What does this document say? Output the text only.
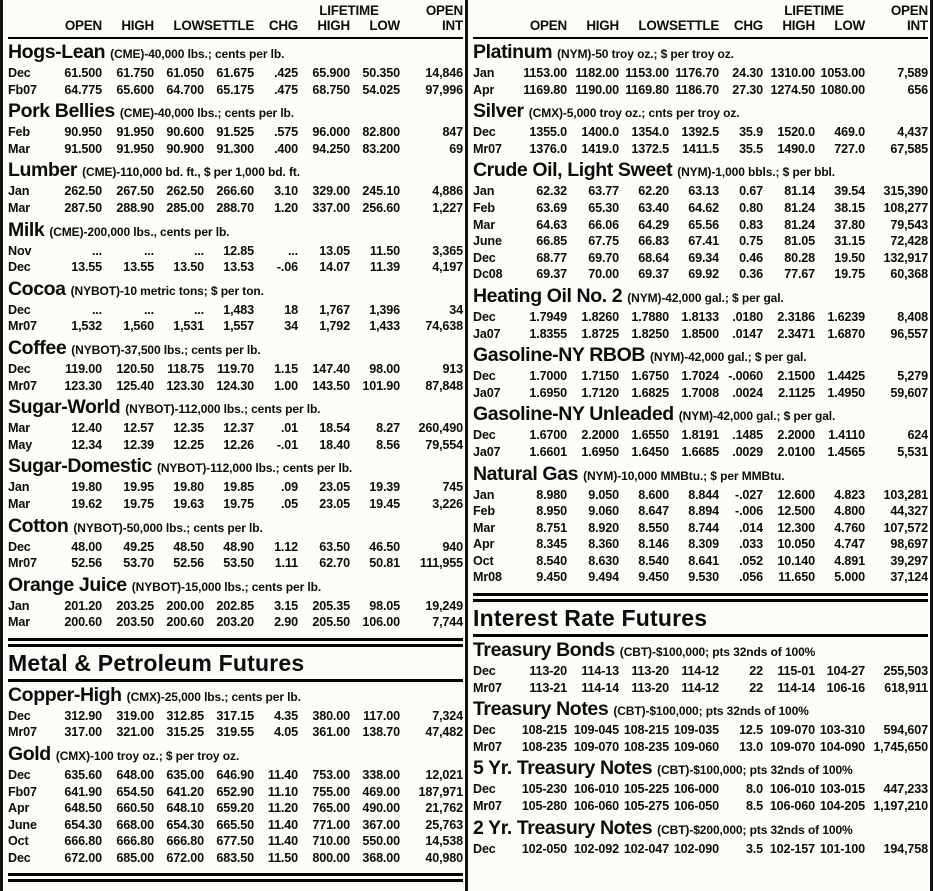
						LIFETIME		OPEN
	OPEN	HIGH	LOW	SETTLE	CHG	HIGH	LOW	INT
Hogs-Lean (CME)-40,000 lbs.; cents per lb.
Dec	61.500	61.750	61.050	61.675	.425	65.900	50.350	14,846
Fb07	64.775	65.600	64.700	65.175	.475	68.750	54.025	97,996
Pork Bellies (CME)-40,000 lbs.; cents per lb.
Feb	90.950	91.950	90.600	91.525	.575	96.000	82.800	847
Mar	91.500	91.950	90.900	91.300	.400	94.250	83.200	69
Lumber (CME)-110,000 bd. ft., $ per 1,000 bd. ft.
Jan	262.50	267.50	262.50	266.60	3.10	329.00	245.10	4,886
Mar	287.50	288.90	285.00	288.70	1.20	337.00	256.60	1,227
Milk (CME)-200,000 lbs., cents per lb.
Nov	...	...	...	12.85	...	13.05	11.50	3,365
Dec	13.55	13.55	13.50	13.53	-.06	14.07	11.39	4,197
Cocoa (NYBOT)-10 metric tons; $ per ton.
Dec	...	...	...	1,483	18	1,767	1,396	34
Mr07	1,532	1,560	1,531	1,557	34	1,792	1,433	74,638
Coffee (NYBOT)-37,500 lbs.; cents per lb.
Dec	119.00	120.50	118.75	119.70	1.15	147.40	98.00	913
Mr07	123.30	125.40	123.30	124.30	1.00	143.50	101.90	87,848
Sugar-World (NYBOT)-112,000 lbs.; cents per lb.
Mar	12.40	12.57	12.35	12.37	.01	18.54	8.27	260,490
May	12.34	12.39	12.25	12.26	-.01	18.40	8.56	79,554
Sugar-Domestic (NYBOT)-112,000 lbs.; cents per lb.
Jan	19.80	19.95	19.80	19.85	.09	23.05	19.39	745
Mar	19.62	19.75	19.63	19.75	.05	23.05	19.45	3,226
Cotton (NYBOT)-50,000 lbs.; cents per lb.
Dec	48.00	49.25	48.50	48.90	1.12	63.50	46.50	940
Mr07	52.56	53.70	52.56	53.50	1.11	62.70	50.81	111,955
Orange Juice (NYBOT)-15,000 lbs.; cents per lb.
Jan	201.20	203.25	200.00	202.85	3.15	205.35	98.05	19,249
Mar	200.60	203.50	200.60	203.20	2.90	205.50	106.00	7,744
Metal & Petroleum Futures
Copper-High (CMX)-25,000 lbs.; cents per lb.
Dec	312.90	319.00	312.85	317.15	4.35	380.00	117.00	7,324
Mr07	317.00	321.00	315.25	319.55	4.05	361.00	138.70	47,482
Gold (CMX)-100 troy oz.; $ per troy oz.
Dec	635.60	648.00	635.00	646.90	11.40	753.00	338.00	12,021
Fb07	641.90	654.50	641.20	652.90	11.10	755.00	469.00	187,971
Apr	648.50	660.50	648.10	659.20	11.20	765.00	490.00	21,762
June	654.30	668.00	654.30	665.50	11.40	771.00	367.00	25,763
Oct	666.80	666.80	666.80	677.50	11.40	710.00	550.00	14,538
Dec	672.00	685.00	672.00	683.50	11.50	800.00	368.00	40,980
						LIFETIME		OPEN
	OPEN	HIGH	LOW	SETTLE	CHG	HIGH	LOW	INT
Platinum (NYM)-50 troy oz.; $ per troy oz.
Jan	1153.00	1182.00	1153.00	1176.70	24.30	1310.00	1053.00	7,589
Apr	1169.80	1190.00	1169.80	1186.70	27.30	1274.50	1080.00	656
Silver (CMX)-5,000 troy oz.; cnts per troy oz.
Dec	1355.0	1400.0	1354.0	1392.5	35.9	1520.0	469.0	4,437
Mr07	1376.0	1419.0	1372.5	1411.5	35.5	1490.0	727.0	67,585
Crude Oil, Light Sweet (NYM)-1,000 bbls.; $ per bbl.
Jan	62.32	63.77	62.20	63.13	0.67	81.14	39.54	315,390
Feb	63.69	65.30	63.40	64.62	0.80	81.24	38.15	108,277
Mar	64.63	66.06	64.29	65.56	0.83	81.24	37.80	79,543
June	66.85	67.75	66.83	67.41	0.75	81.05	31.15	72,428
Dec	68.77	69.70	68.64	69.34	0.46	80.28	19.50	132,917
Dc08	69.37	70.00	69.37	69.92	0.36	77.67	19.75	60,368
Heating Oil No. 2 (NYM)-42,000 gal.; $ per gal.
Dec	1.7949	1.8260	1.7880	1.8133	.0180	2.3186	1.6239	8,408
Ja07	1.8355	1.8725	1.8250	1.8500	.0147	2.3471	1.6870	96,557
Gasoline-NY RBOB (NYM)-42,000 gal.; $ per gal.
Dec	1.7000	1.7150	1.6750	1.7024	-.0060	2.1500	1.4425	5,279
Ja07	1.6950	1.7120	1.6825	1.7008	.0024	2.1125	1.4950	59,607
Gasoline-NY Unleaded (NYM)-42,000 gal.; $ per gal.
Dec	1.6700	2.2000	1.6550	1.8191	.1485	2.2000	1.4110	624
Ja07	1.6601	1.6950	1.6450	1.6685	.0029	2.0100	1.4565	5,531
Natural Gas (NYM)-10,000 MMBtu.; $ per MMBtu.
Jan	8.980	9.050	8.600	8.844	-.027	12.600	4.823	103,281
Feb	8.950	9.060	8.647	8.894	-.006	12.500	4.800	44,327
Mar	8.751	8.920	8.550	8.744	.014	12.300	4.760	107,572
Apr	8.345	8.360	8.146	8.309	.033	10.050	4.747	98,697
Oct	8.540	8.630	8.540	8.641	.052	10.140	4.891	39,297
Mr08	9.450	9.494	9.450	9.530	.056	11.650	5.000	37,124
Interest Rate Futures
Treasury Bonds (CBT)-$100,000; pts 32nds of 100%
Dec	113-20	114-13	113-20	114-12	22	115-01	104-27	255,503
Mr07	113-21	114-14	113-20	114-12	22	114-14	106-16	618,911
Treasury Notes (CBT)-$100,000; pts 32nds of 100%
Dec	108-215	109-045	108-215	109-035	12.5	109-070	103-310	594,607
Mr07	108-235	109-070	108-235	109-060	13.0	109-070	104-090	1,745,650
5 Yr. Treasury Notes (CBT)-$100,000; pts 32nds of 100%
Dec	105-230	106-010	105-225	106-000	8.0	106-010	103-015	447,233
Mr07	105-280	106-060	105-275	106-050	8.5	106-060	104-205	1,197,210
2 Yr. Treasury Notes (CBT)-$200,000; pts 32nds of 100%
Dec	102-050	102-092	102-047	102-090	3.5	102-157	101-100	194,758
